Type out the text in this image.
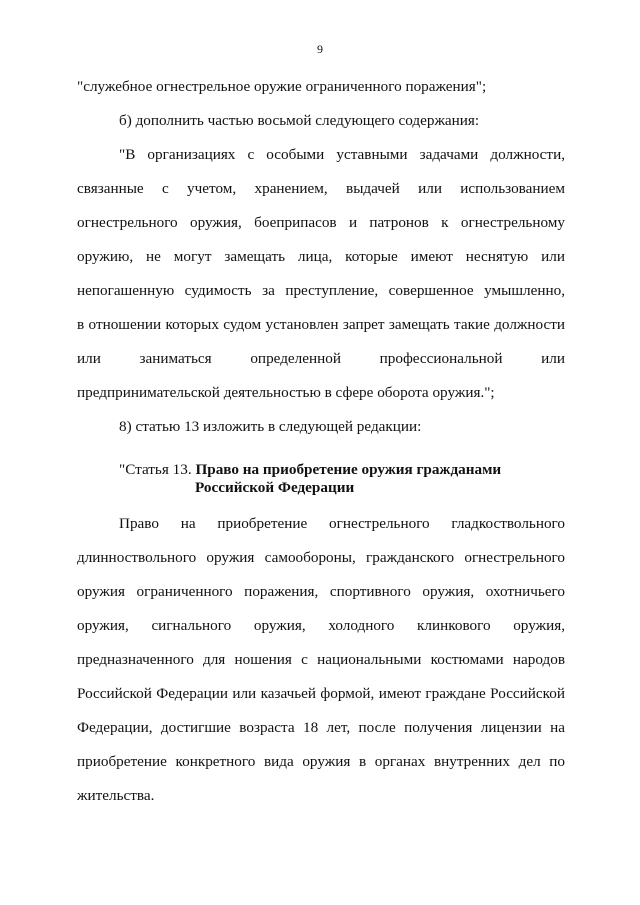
9
"служебное огнестрельное оружие ограниченного поражения";
б) дополнить частью восьмой следующего содержания:
"В организациях с особыми уставными задачами должности,
связанные с учетом, хранением, выдачей или использованием
огнестрельного оружия, боеприпасов и патронов к огнестрельному
оружию, не могут замещать лица, которые имеют неснятую или
непогашенную судимость за преступление, совершенное умышленно,
в отношении которых судом установлен запрет замещать такие должности
или заниматься определенной профессиональной или
предпринимательской деятельностью в сфере оборота оружия.";
8) статью 13 изложить в следующей редакции:
"Статья 13. Право на приобретение оружия гражданами
Российской Федерации
Право на приобретение огнестрельного гладкоствольного
длинноствольного оружия самообороны, гражданского огнестрельного
оружия ограниченного поражения, спортивного оружия, охотничьего
оружия, сигнального оружия, холодного клинкового оружия,
предназначенного для ношения с национальными костюмами народов
Российской Федерации или казачьей формой, имеют граждане Российской
Федерации, достигшие возраста 18 лет, после получения лицензии на
приобретение конкретного вида оружия в органах внутренних дел по
жительства.
